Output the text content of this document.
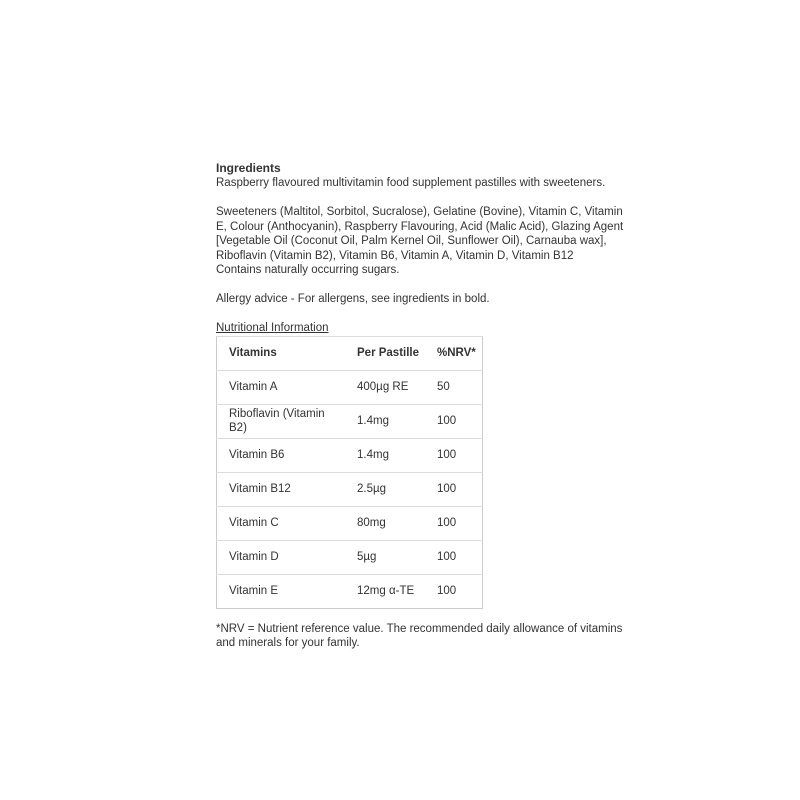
Ingredients

Raspberry flavoured multivitamin food supplement pastilles with sweeteners.

Sweeteners (Maltitol, Sorbitol, Sucralose), Gelatine (Bovine), Vitamin C, Vitamin

E, Colour (Anthocyanin), Raspberry Flavouring, Acid (Malic Acid), Glazing Agent

[Vegetable Oil (Coconut Oil, Palm Kernel Oil, Sunflower Oil), Carnauba wax],

Riboflavin (Vitamin B2), Vitamin B6, Vitamin A, Vitamin D, Vitamin B12

Contains naturally occurring sugars.

Allergy advice - For allergens, see ingredients in bold.

Nutritional Information

Vitamins	Per Pastille	%NRV*
Vitamin A	400µg RE	50
Riboflavin (Vitamin B2)	1.4mg	100
Vitamin B6	1.4mg	100
Vitamin B12	2.5µg	100
Vitamin C	80mg	100
Vitamin D	5µg	100
Vitamin E	12mg α-TE	100

*NRV = Nutrient reference value. The recommended daily allowance of vitamins

and minerals for your family.
